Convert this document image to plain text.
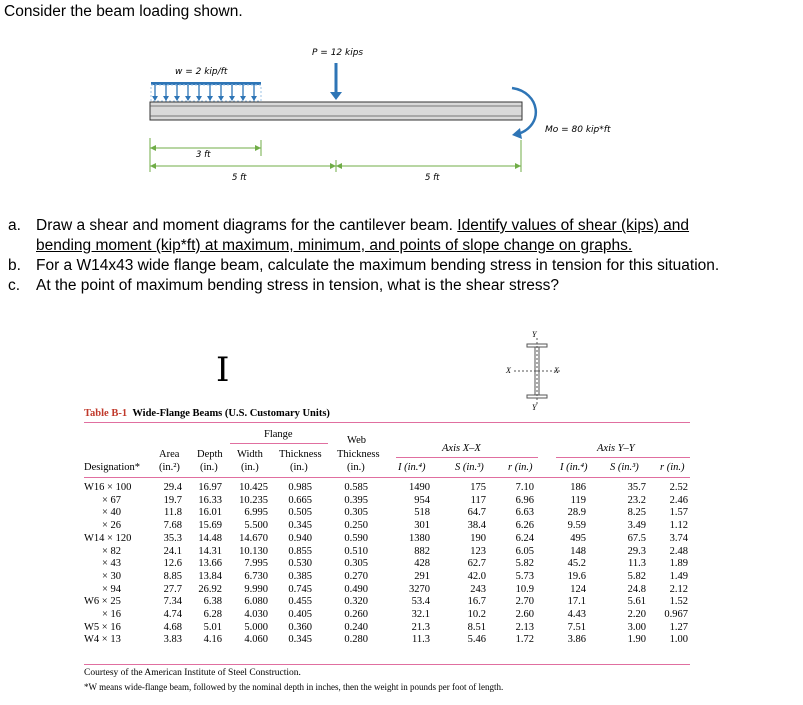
Consider the beam loading shown.
w = 2 kip/ft
P = 12 kips
Mo = 80 kip*ft
3 ft
5 ft	5 ft
a. Draw a shear and moment diagrams for the cantilever beam. Identify values of shear (kips) and
bending moment (kip*ft) at maximum, minimum, and points of slope change on graphs.
b. For a W14x43 wide flange beam, calculate the maximum bending stress in tension for this situation.
c.	At the point of maximum bending stress in tension, what is the shear stress?
I
Y
Y
X	X
Table B-1 Wide-Flange Beams (U.S. Customary Units)
Flange
Web
Thickness
Axis X–X	Axis Y–Y
Area Depth Width Thickness
Designation* (in.²) (in.) (in.)	(in.)	(in.)	I (in.⁴)	S (in.³) r (in.)	I (in.⁴) S (in.³) r (in.)
W16 × 100	29.4	16.97	10.425	0.985	0.585	1490	175	7.10	186	35.7	2.52
× 67	19.7	16.33	10.235	0.665	0.395	954	117	6.96	119	23.2	2.46
× 40	11.8	16.01	6.995	0.505	0.305	518	64.7	6.63	28.9	8.25	1.57
× 26	7.68	15.69	5.500	0.345	0.250	301	38.4	6.26	9.59	3.49	1.12
W14 × 120	35.3	14.48	14.670	0.940	0.590	1380	190	6.24	495	67.5	3.74
× 82	24.1	14.31	10.130	0.855	0.510	882	123	6.05	148	29.3	2.48
× 43	12.6	13.66	7.995	0.530	0.305	428	62.7	5.82	45.2	11.3	1.89
× 30	8.85	13.84	6.730	0.385	0.270	291	42.0	5.73	19.6	5.82	1.49
× 94	27.7	26.92	9.990	0.745	0.490	3270	243	10.9	124	24.8	2.12
W6 × 25	7.34	6.38	6.080	0.455	0.320	53.4	16.7	2.70	17.1	5.61	1.52
× 16	4.74	6.28	4.030	0.405	0.260	32.1	10.2	2.60	4.43	2.20	0.967
W5 × 16	4.68	5.01	5.000	0.360	0.240	21.3	8.51	2.13	7.51	3.00	1.27
W4 × 13	3.83	4.16	4.060	0.345	0.280	11.3	5.46	1.72	3.86	1.90	1.00
Courtesy of the American Institute of Steel Construction.
*W means wide-flange beam, followed by the nominal depth in inches, then the weight in pounds per foot of length.
